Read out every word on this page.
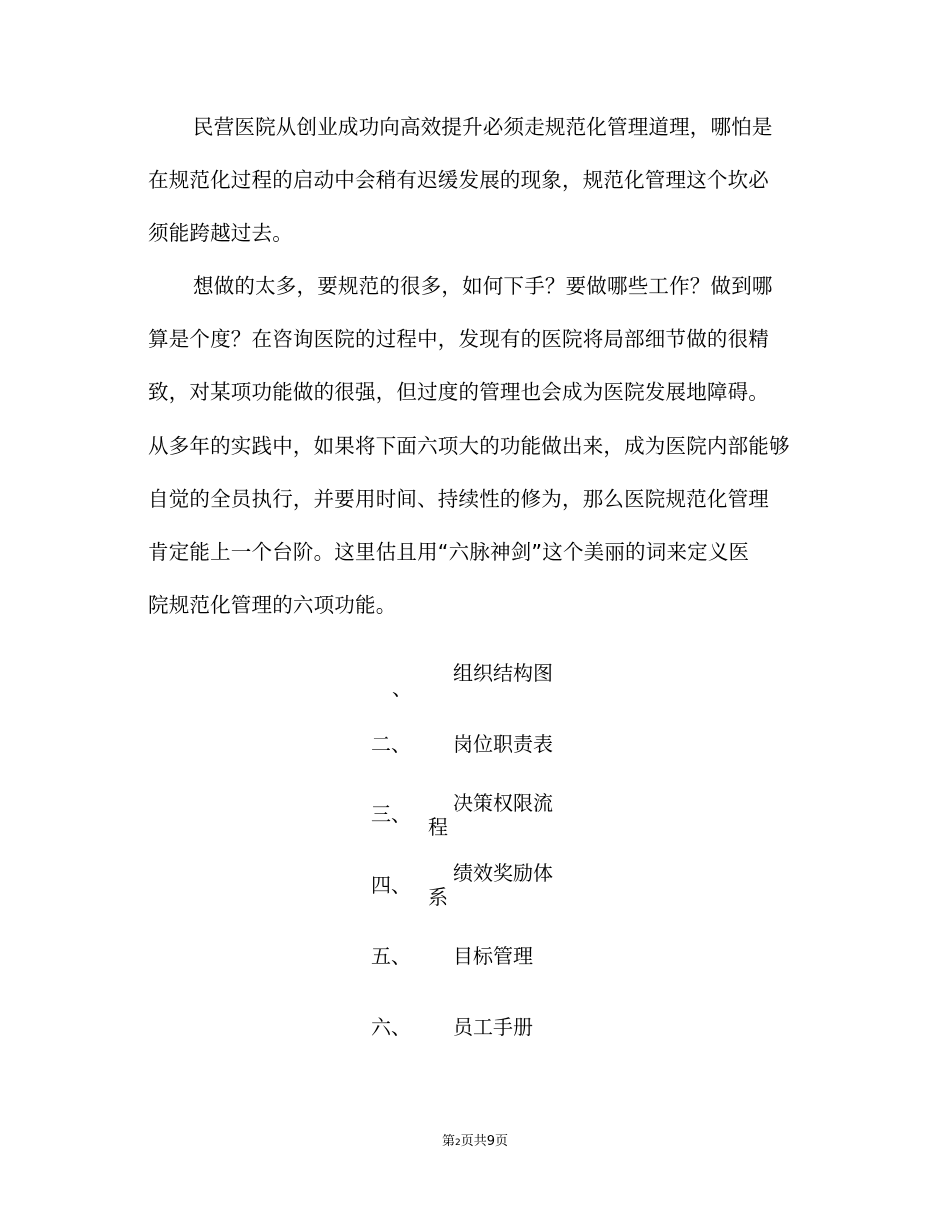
民营医院从创业成功向高效提升必须走规范化管理道理，哪怕是
在规范化过程的启动中会稍有迟缓发展的现象，规范化管理这个坎必
须能跨越过去。
想做的太多，要规范的很多，如何下手？要做哪些工作？做到哪
算是个度？在咨询医院的过程中，发现有的医院将局部细节做的很精
致，对某项功能做的很强，但过度的管理也会成为医院发展地障碍。
从多年的实践中，如果将下面六项大的功能做出来，成为医院内部能够
自觉的全员执行，并要用时间、持续性的修为，那么医院规范化管理
肯定能上一个台阶。这里估且用“六脉神剑”这个美丽的词来定义医
院规范化管理的六项功能。
组织结构图
、
二、 岗位职责表
决策权限流
三、
程
绩效奖励体
四、 系
五、 目标管理
六、 员工手册
第2页共9页
